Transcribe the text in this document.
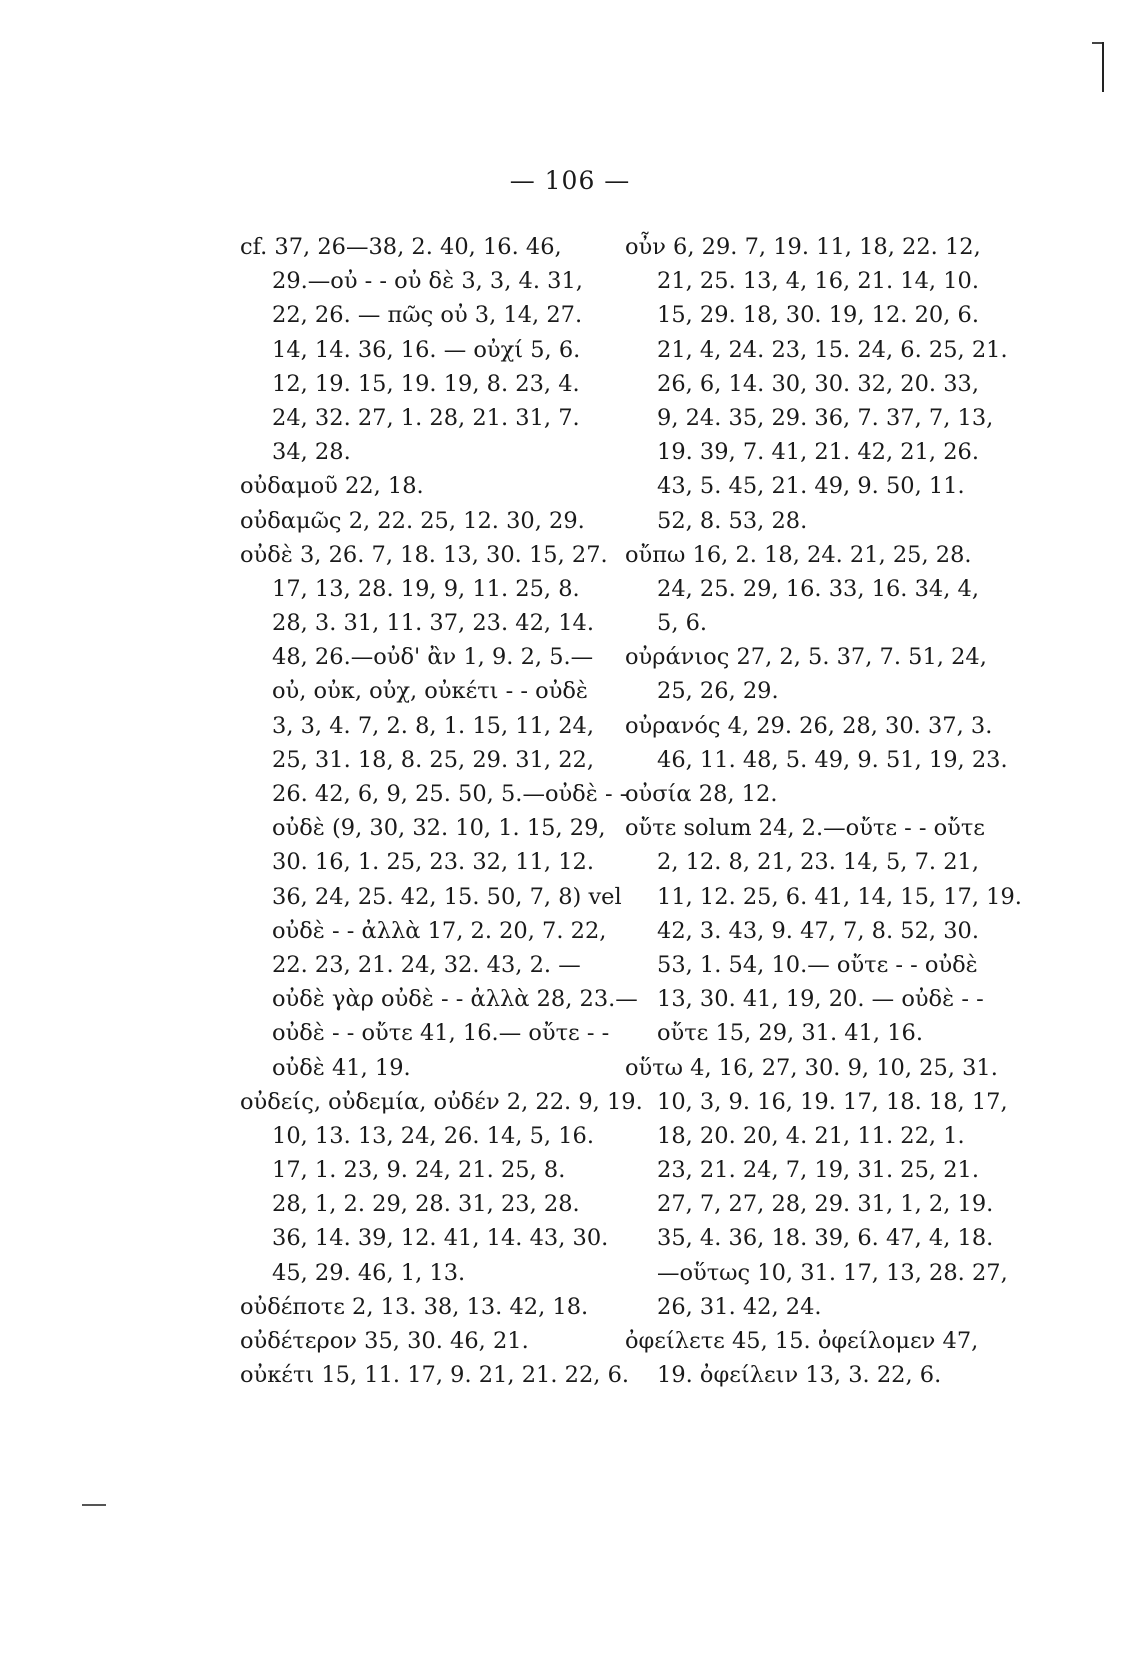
— 106 —
cf. 37, 26—38, 2. 40, 16. 46,
29.—οὐ - - οὐ δὲ 3, 3, 4. 31,
22, 26. — πῶς οὐ 3, 14, 27.
14, 14. 36, 16. — οὐχί 5, 6.
12, 19. 15, 19. 19, 8. 23, 4.
24, 32. 27, 1. 28, 21. 31, 7.
34, 28.
οὐδαμοῦ 22, 18.
οὐδαμῶς 2, 22. 25, 12. 30, 29.
οὐδὲ 3, 26. 7, 18. 13, 30. 15, 27.
17, 13, 28. 19, 9, 11. 25, 8.
28, 3. 31, 11. 37, 23. 42, 14.
48, 26.—οὐδ' ἂν 1, 9. 2, 5.—
οὐ, οὐκ, οὐχ, οὐκέτι - - οὐδὲ
3, 3, 4. 7, 2. 8, 1. 15, 11, 24,
25, 31. 18, 8. 25, 29. 31, 22,
26. 42, 6, 9, 25. 50, 5.—οὐδὲ - -
οὐδὲ (9, 30, 32. 10, 1. 15, 29,
30. 16, 1. 25, 23. 32, 11, 12.
36, 24, 25. 42, 15. 50, 7, 8) vel
οὐδὲ - - ἀλλὰ 17, 2. 20, 7. 22,
22. 23, 21. 24, 32. 43, 2. —
οὐδὲ γὰρ οὐδὲ - - ἀλλὰ 28, 23.—
οὐδὲ - - οὔτε 41, 16.— οὔτε - -
οὐδὲ 41, 19.
οὐδείς, οὐδεμία, οὐδέν 2, 22. 9, 19.
10, 13. 13, 24, 26. 14, 5, 16.
17, 1. 23, 9. 24, 21. 25, 8.
28, 1, 2. 29, 28. 31, 23, 28.
36, 14. 39, 12. 41, 14. 43, 30.
45, 29. 46, 1, 13.
οὐδέποτε 2, 13. 38, 13. 42, 18.
οὐδέτερον 35, 30. 46, 21.
οὐκέτι 15, 11. 17, 9. 21, 21. 22, 6.
οὖν 6, 29. 7, 19. 11, 18, 22. 12,
21, 25. 13, 4, 16, 21. 14, 10.
15, 29. 18, 30. 19, 12. 20, 6.
21, 4, 24. 23, 15. 24, 6. 25, 21.
26, 6, 14. 30, 30. 32, 20. 33,
9, 24. 35, 29. 36, 7. 37, 7, 13,
19. 39, 7. 41, 21. 42, 21, 26.
43, 5. 45, 21. 49, 9. 50, 11.
52, 8. 53, 28.
οὔπω 16, 2. 18, 24. 21, 25, 28.
24, 25. 29, 16. 33, 16. 34, 4,
5, 6.
οὐράνιος 27, 2, 5. 37, 7. 51, 24,
25, 26, 29.
οὐρανός 4, 29. 26, 28, 30. 37, 3.
46, 11. 48, 5. 49, 9. 51, 19, 23.
οὐσία 28, 12.
οὔτε solum 24, 2.—οὔτε - - οὔτε
2, 12. 8, 21, 23. 14, 5, 7. 21,
11, 12. 25, 6. 41, 14, 15, 17, 19.
42, 3. 43, 9. 47, 7, 8. 52, 30.
53, 1. 54, 10.— οὔτε - - οὐδὲ
13, 30. 41, 19, 20. — οὐδὲ - -
οὔτε 15, 29, 31. 41, 16.
οὕτω 4, 16, 27, 30. 9, 10, 25, 31.
10, 3, 9. 16, 19. 17, 18. 18, 17,
18, 20. 20, 4. 21, 11. 22, 1.
23, 21. 24, 7, 19, 31. 25, 21.
27, 7, 27, 28, 29. 31, 1, 2, 19.
35, 4. 36, 18. 39, 6. 47, 4, 18.
—οὕτως 10, 31. 17, 13, 28. 27,
26, 31. 42, 24.
ὀφείλετε 45, 15. ὀφείλομεν 47,
19. ὀφείλειν 13, 3. 22, 6.
